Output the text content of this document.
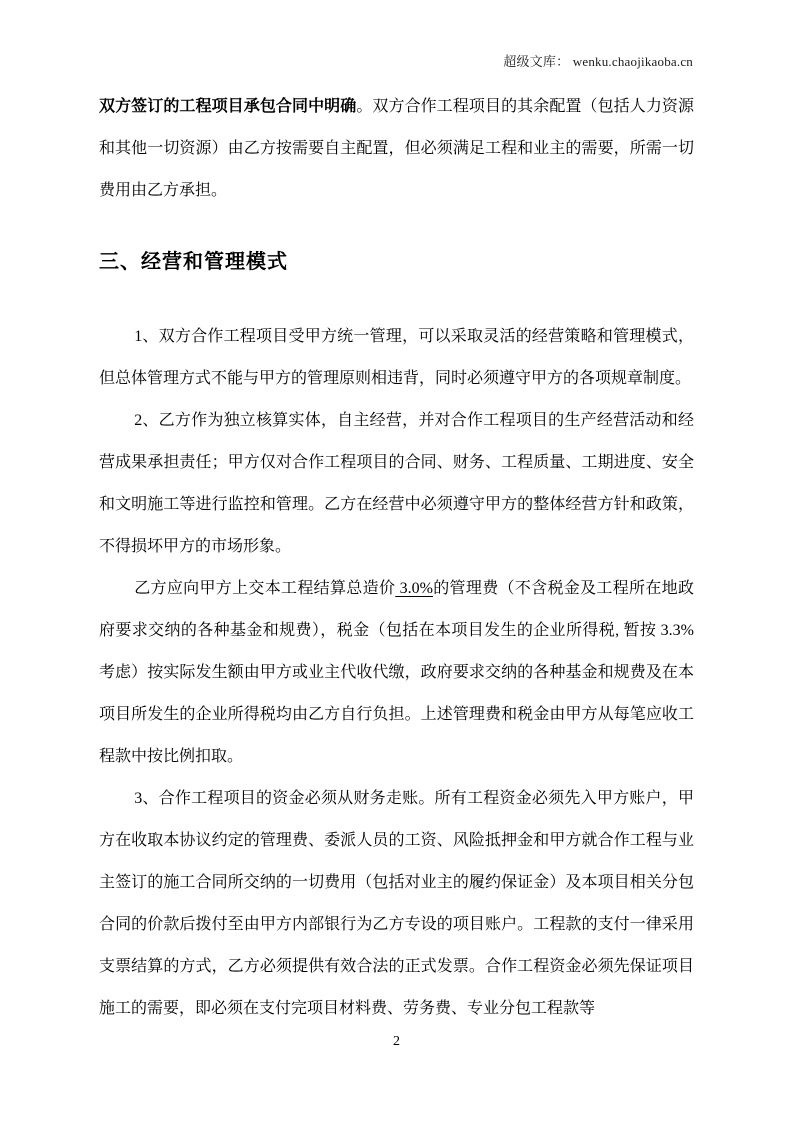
超级文库： wenku.chaojikaoba.cn

双方签订的工程项目承包合同中明确。双方合作工程项目的其余配置（包括人力资源和其他一切资源）由乙方按需要自主配置，但必须满足工程和业主的需要，所需一切费用由乙方承担。

三、经营和管理模式

1、双方合作工程项目受甲方统一管理，可以采取灵活的经营策略和管理模式，但总体管理方式不能与甲方的管理原则相违背，同时必须遵守甲方的各项规章制度。

2、乙方作为独立核算实体，自主经营，并对合作工程项目的生产经营活动和经营成果承担责任；甲方仅对合作工程项目的合同、财务、工程质量、工期进度、安全和文明施工等进行监控和管理。乙方在经营中必须遵守甲方的整体经营方针和政策，不得损坏甲方的市场形象。

乙方应向甲方上交本工程结算总造价 3.0%的管理费（不含税金及工程所在地政府要求交纳的各种基金和规费），税金（包括在本项目发生的企业所得税, 暂按 3.3%考虑）按实际发生额由甲方或业主代收代缴，政府要求交纳的各种基金和规费及在本项目所发生的企业所得税均由乙方自行负担。上述管理费和税金由甲方从每笔应收工程款中按比例扣取。

3、合作工程项目的资金必须从财务走账。所有工程资金必须先入甲方账户，甲方在收取本协议约定的管理费、委派人员的工资、风险抵押金和甲方就合作工程与业主签订的施工合同所交纳的一切费用（包括对业主的履约保证金）及本项目相关分包合同的价款后拨付至由甲方内部银行为乙方专设的项目账户。工程款的支付一律采用支票结算的方式，乙方必须提供有效合法的正式发票。合作工程资金必须先保证项目施工的需要，即必须在支付完项目材料费、劳务费、专业分包工程款等

2
